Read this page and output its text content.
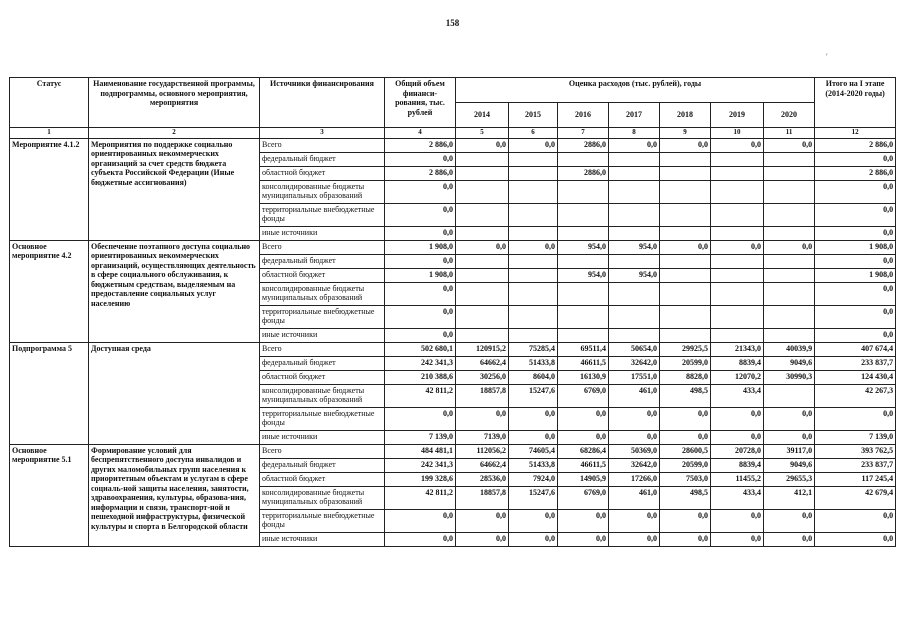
158
'
Статус	Наименование государственной программы, подпрограммы, основного мероприятия, мероприятия	Источники финансирования	Общий объем финанси-рования, тыс. рублей	Оценка расходов (тыс. рублей), годы							Итого на I этапе (2014-2020 годы)
				2014	2015	2016	2017	2018	2019	2020	
1	2	3	4	5	6	7	8	9	10	11	12
Мероприятие 4.1.2	Мероприятия по поддержке социально ориентированных некоммерческих организаций за счет средств бюджета субъекта Российской Федерации (Иные бюджетные ассигнования)	Всего	2 886,0	0,0	0,0	2886,0	0,0	0,0	0,0	0,0	2 886,0
		федеральный бюджет	0,0								0,0
		областной бюджет	2 886,0			2886,0					2 886,0
		консолидированные бюджеты муниципальных образований	0,0								0,0
		территориальные внебюджетные фонды	0,0								0,0
		иные источники	0,0								0,0
Основное мероприятие 4.2	Обеспечение поэтапного доступа социально ориентированных некоммерческих организаций, осуществляющих деятельность в сфере социального обслуживания, к бюджетным средствам, выделяемым на предоставление социальных услуг населению	Всего	1 908,0	0,0	0,0	954,0	954,0	0,0	0,0	0,0	1 908,0
		федеральный бюджет	0,0								0,0
		областной бюджет	1 908,0			954,0	954,0				1 908,0
		консолидированные бюджеты муниципальных образований	0,0								0,0
		территориальные внебюджетные фонды	0,0								0,0
		иные источники	0,0								0,0
Подпрограмма 5	Доступная среда	Всего	502 680,1	120915,2	75285,4	69511,4	50654,0	29925,5	21343,0	40039,9	407 674,4
		федеральный бюджет	242 341,3	64662,4	51433,8	46611,5	32642,0	20599,0	8839,4	9049,6	233 837,7
		областной бюджет	210 388,6	30256,0	8604,0	16130,9	17551,0	8828,0	12070,2	30990,3	124 430,4
		консолидированные бюджеты муниципальных образований	42 811,2	18857,8	15247,6	6769,0	461,0	498,5	433,4		42 267,3
		территориальные внебюджетные фонды	0,0	0,0	0,0	0,0	0,0	0,0	0,0	0,0	0,0
		иные источники	7 139,0	7139,0	0,0	0,0	0,0	0,0	0,0	0,0	7 139,0
Основное мероприятие 5.1	Формирование условий для беспрепятственного доступа инвалидов и других маломобильных групп населения к приоритетным объектам и услугам в сфере социаль-ной защиты населения, занятости, здравоохранения, культуры, образова-ния, информации и связи, транспорт-ной и пешеходной инфраструктуры, физической культуры и спорта в Белгородской области	Всего	484 481,1	112056,2	74605,4	68286,4	50369,0	28600,5	20728,0	39117,0	393 762,5
		федеральный бюджет	242 341,3	64662,4	51433,8	46611,5	32642,0	20599,0	8839,4	9049,6	233 837,7
		областной бюджет	199 328,6	28536,0	7924,0	14905,9	17266,0	7503,0	11455,2	29655,3	117 245,4
		консолидированные бюджеты муниципальных образований	42 811,2	18857,8	15247,6	6769,0	461,0	498,5	433,4	412,1	42 679,4
		территориальные внебюджетные фонды	0,0	0,0	0,0	0,0	0,0	0,0	0,0	0,0	0,0
		иные источники	0,0	0,0	0,0	0,0	0,0	0,0	0,0	0,0	0,0
